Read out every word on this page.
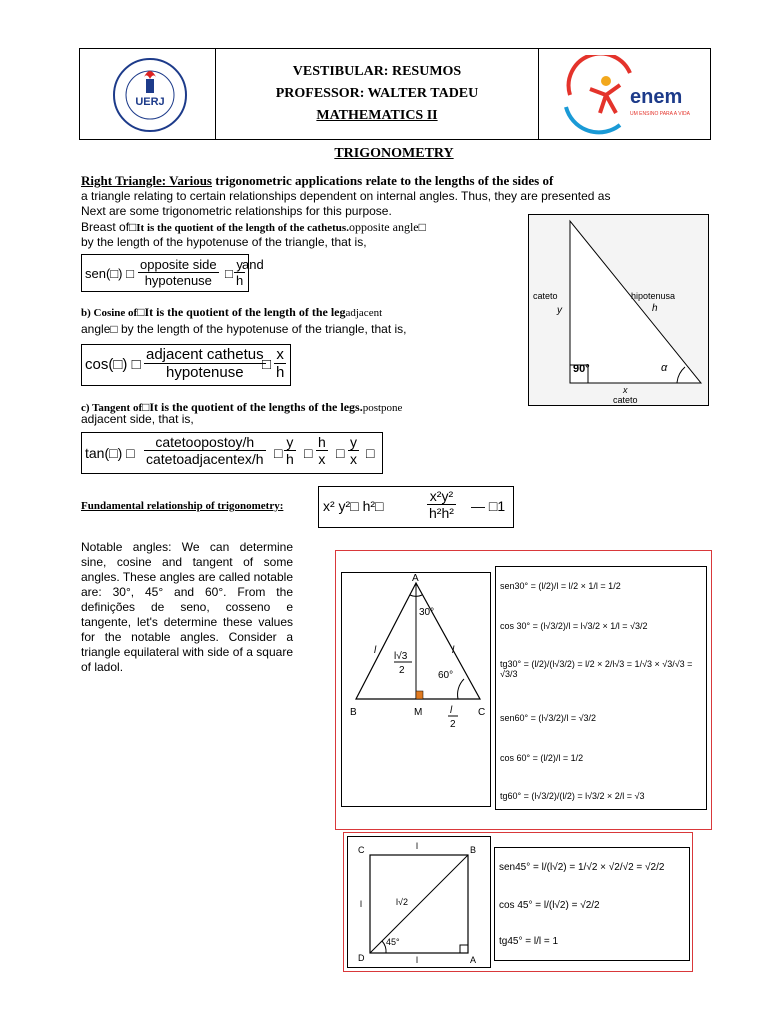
UERJ
VESTIBULAR: RESUMOS
PROFESSOR: WALTER TADEU
MATHEMATICS II
enem
UM ENSINO PARA A VIDA
TRIGONOMETRY
Right Triangle: Various trigonometric applications relate to the lengths of the sides of
a triangle relating to certain relationships dependent on internal angles. Thus, they are presented as
Next are some trigonometric relationships for this purpose.
Breast of□It is the quotient of the length of the cathetus.opposite angle□
by the length of the hypotenuse of the triangle, that is,
sen(□) □
opposite side
hypotenuse	□ $\frac{y}{h}$
and
b) Cosine of□It is the quotient of the length of the legadjacent
angle□ by the length of the hypotenuse of the triangle, that is,
cos(□) □
adjacent cathetus
hypotenuse	□ $\frac{x}{h}$
c) Tangent of□It is the quotient of the lengths of the legs.postpone
adjacent side, that is,
tan(□) □
catetoopostoy/h
catetoadjacentex/h □ $\frac{y}{h}$ □ $\frac{h}{x}$ □ $\frac{y}{x}$ □
Fundamental relationship of trigonometry:	x² y²□ h²□	$\frac{\text{x²y²}}{\text{h²h²}}$ — □1
Notable angles: We can determine sine, cosine and tangent of some angles. These angles are called notable are: 30°, 45° and 60°. From the definições de seno, cosseno e tangente, let's determine these values for the notable angles. Consider a triangle equilateral with side of a square of ladol.
cateto
y
hipotenusa
h
90°	α
x
cateto
A
B	C
M
l	l
30°
60°
l√3
2
l
2
sen30° = (l/2)/l = l/2 × 1/l = 1/2
cos 30° = (l√3/2)/l = l√3/2 × 1/l = √3/2
tg30° = (l/2)/(l√3/2) = l/2 × 2/l√3 = 1/√3 × √3/√3 = √3/3
sen60° = (l√3/2)/l = √3/2
cos 60° = (l/2)/l = 1/2
tg60° = (l√3/2)/(l/2) = l√3/2 × 2/l = √3
C	B
D	A
l
l
l	l√2
45°
sen45° = l/(l√2) = 1/√2 × √2/√2 = √2/2
cos 45° = l/(l√2) = √2/2
tg45° = l/l = 1
